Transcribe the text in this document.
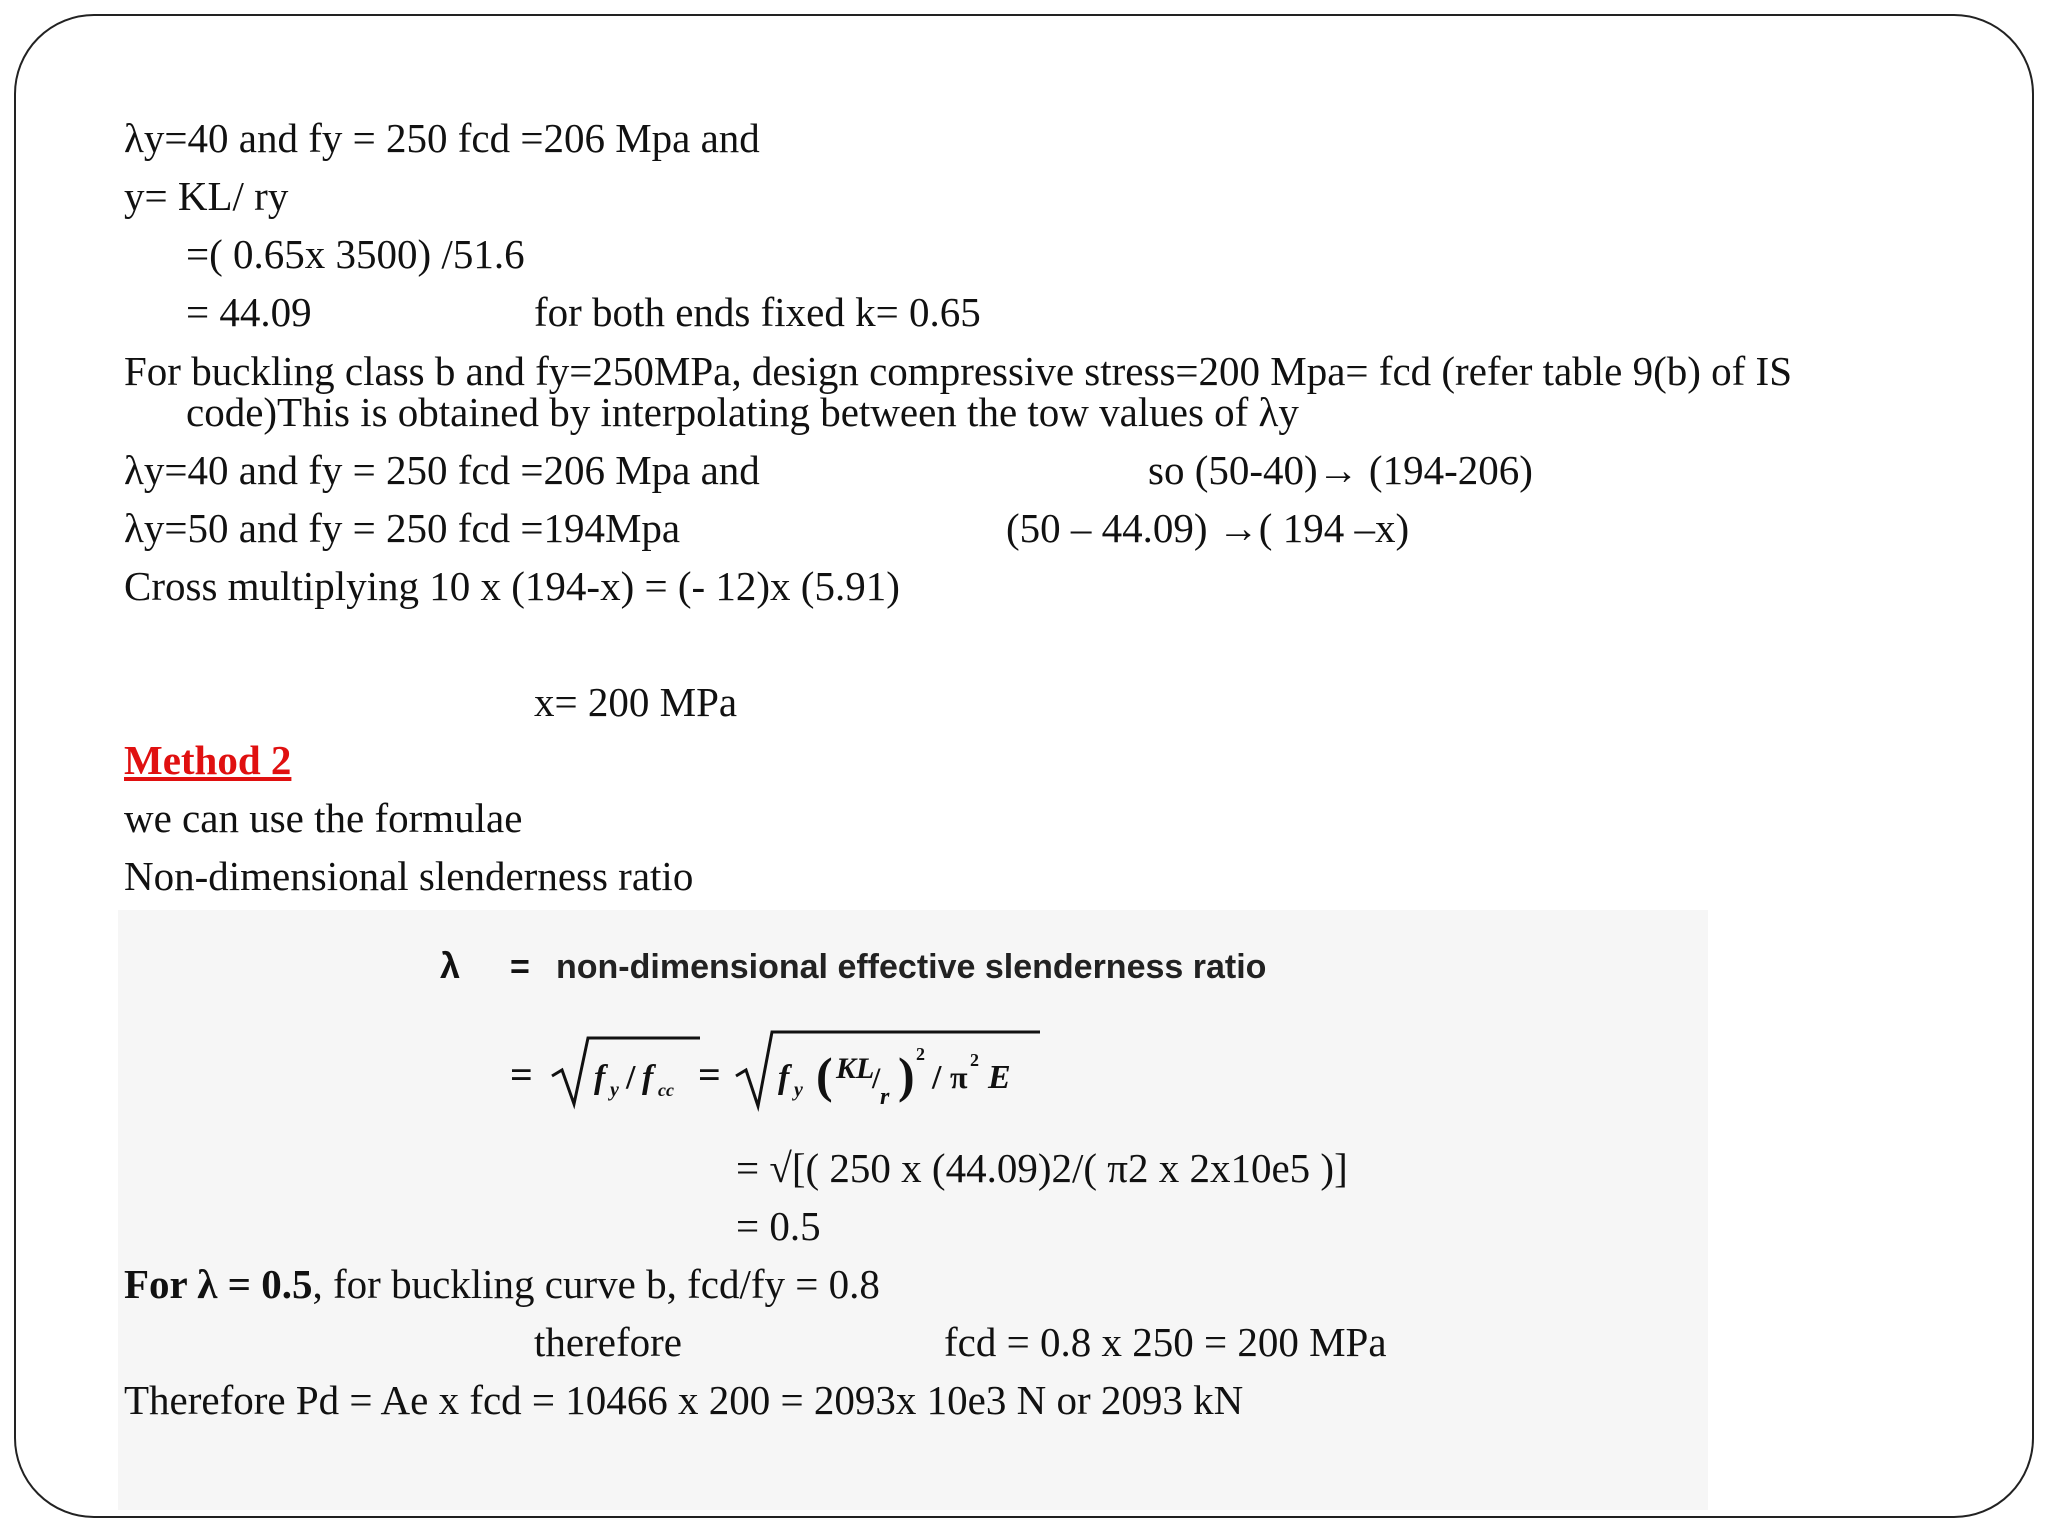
λy=40 and fy = 250 fcd =206 Mpa and
y= KL/ ry
=( 0.65x 3500) /51.6
= 44.09	for both ends fixed k= 0.65
For buckling class b and fy=250MPa, design compressive stress=200 Mpa= fcd (refer table 9(b) of IS
code)This is obtained by interpolating between the tow values of λy
λy=40 and fy = 250 fcd =206 Mpa and	so (50-40)→ (194-206)
λy=50 and fy = 250 fcd =194Mpa	(50 – 44.09) →( 194 –x)
Cross multiplying 10 x (194-x) = (- 12)x (5.91)
x= 200 MPa
Method 2
we can use the formulae
Non-dimensional slenderness ratio
λ = non-dimensional effective slenderness ratio
= f y / f cc = f y ( KL
/
r ) 2
/ π 2 E
= √[( 250 x (44.09)2/( π2 x 2x10e5 )]
= 0.5
For λ = 0.5, for buckling curve b, fcd/fy = 0.8
therefore	fcd = 0.8 x 250 = 200 MPa
Therefore Pd = Ae x fcd = 10466 x 200 = 2093x 10e3 N or 2093 kN
